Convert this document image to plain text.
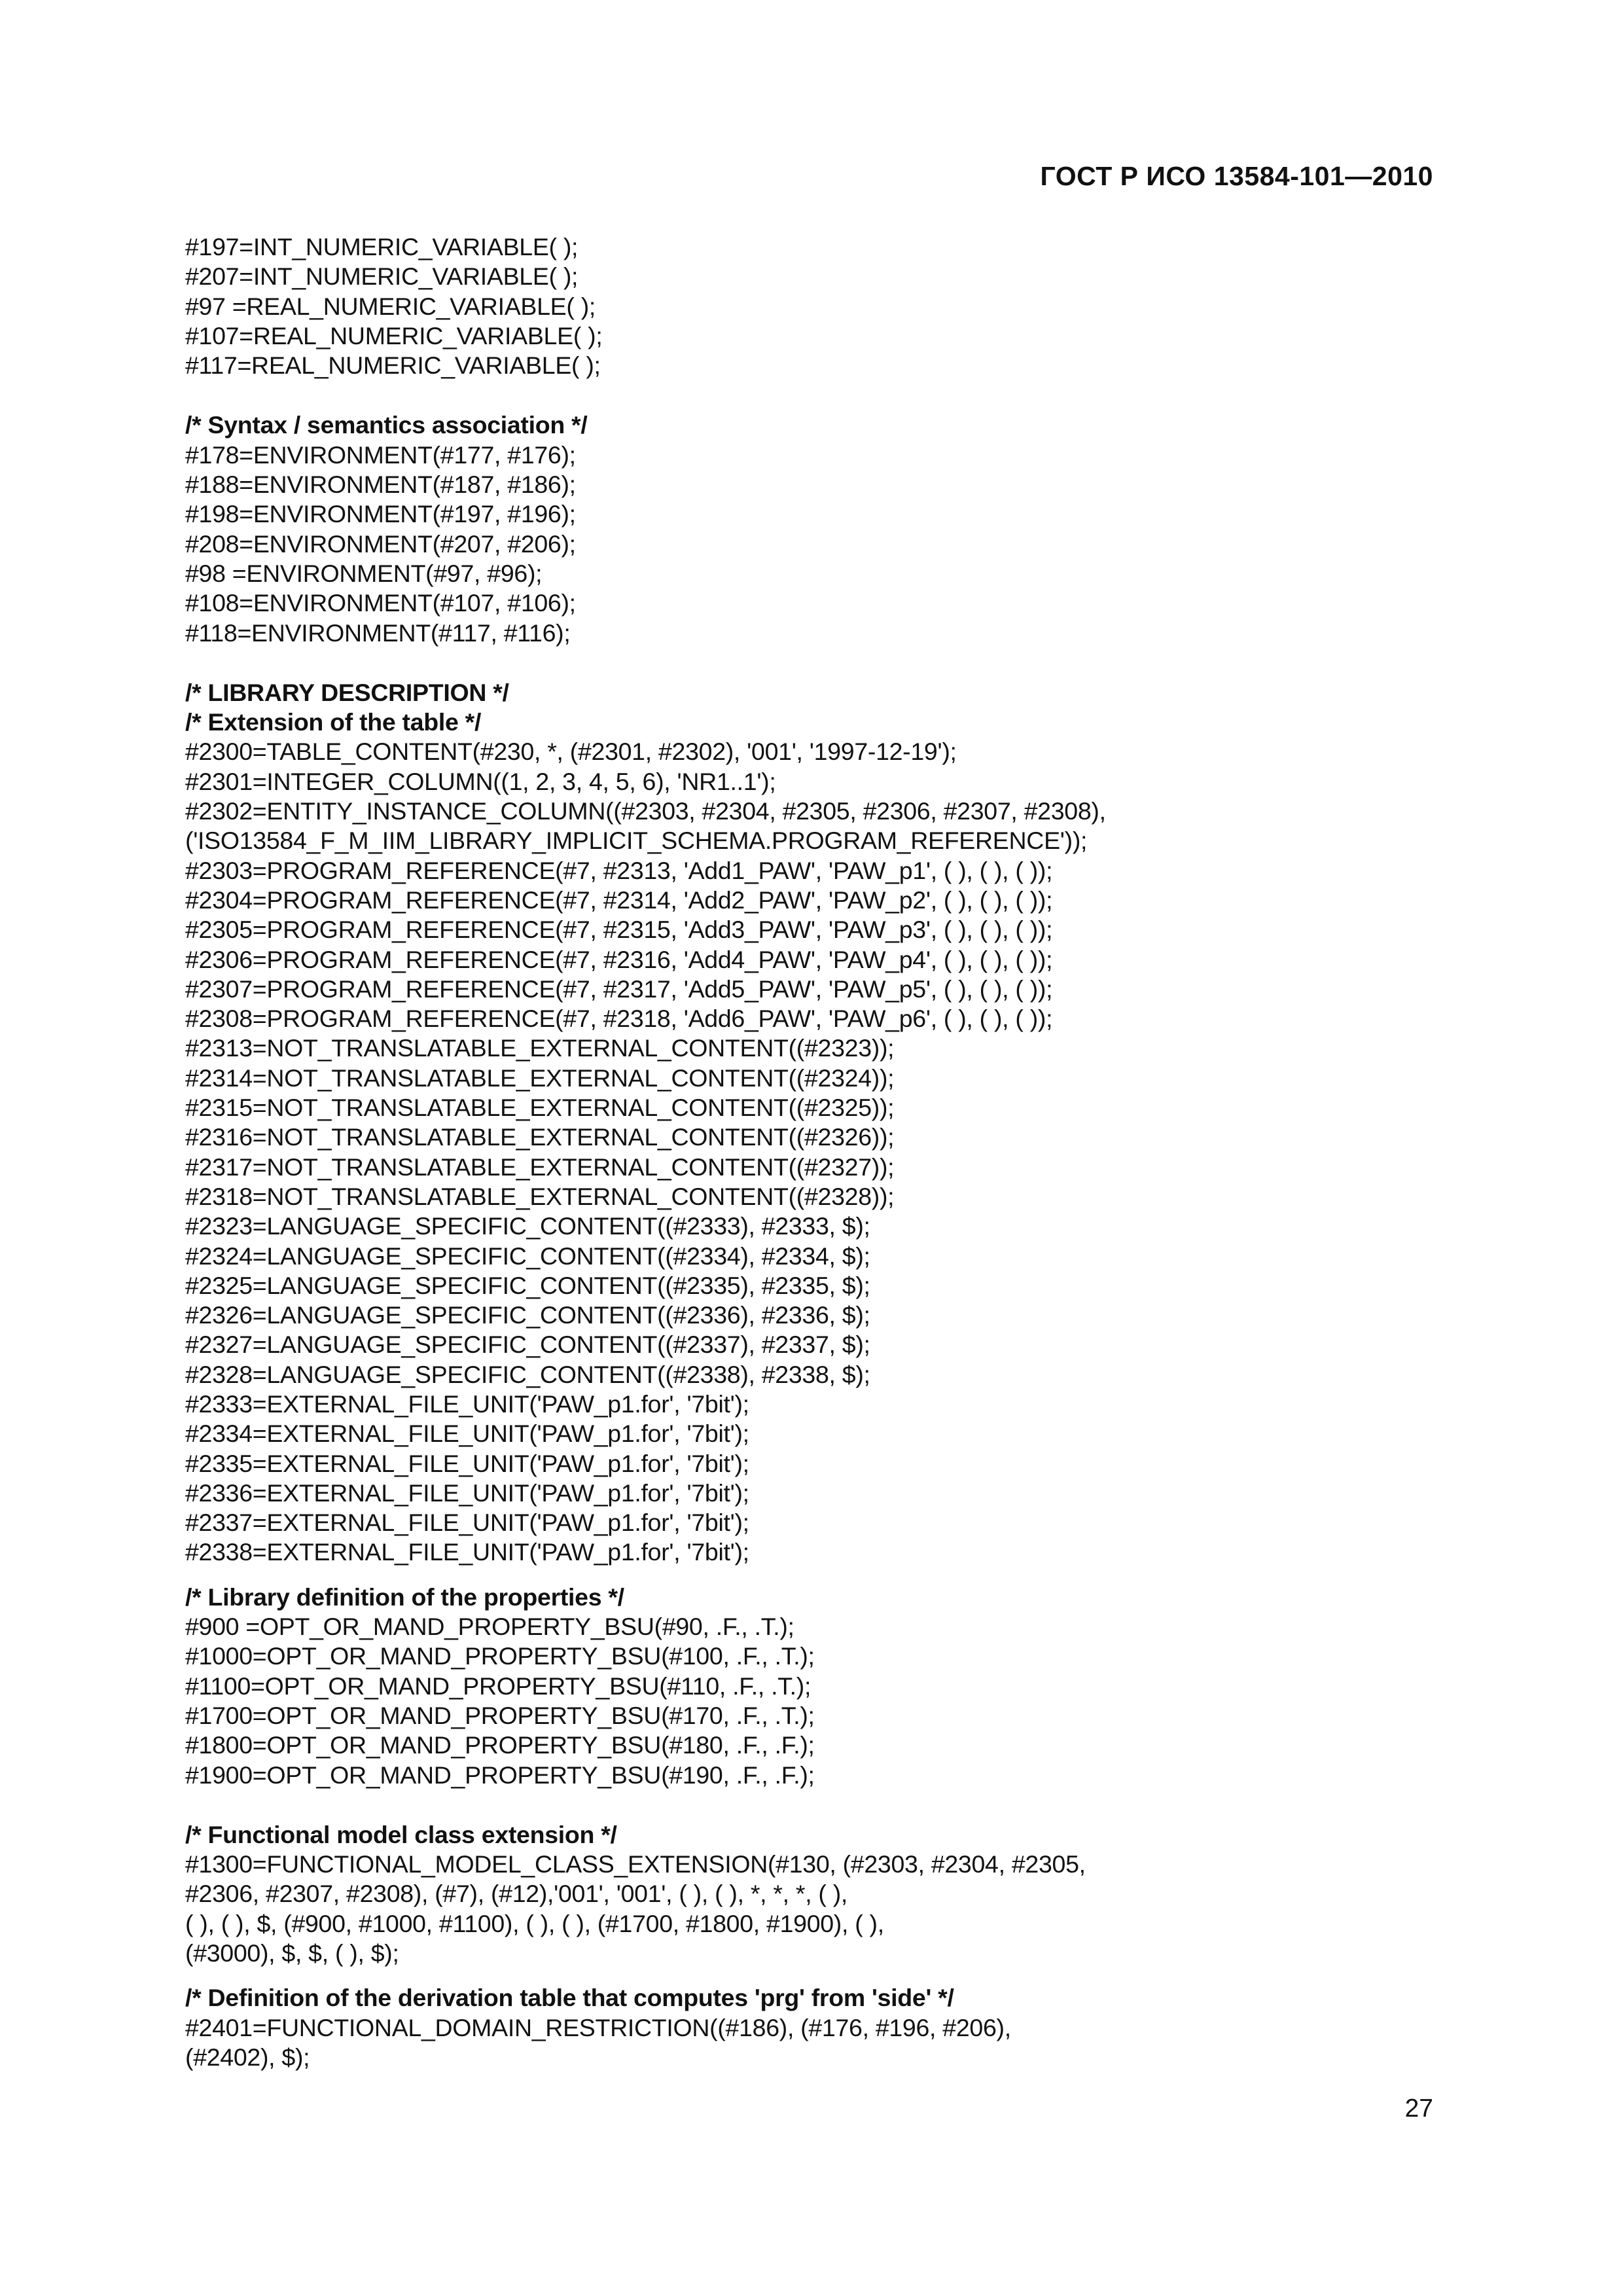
ГОСТ Р ИСО 13584-101—2010
#197=INT_NUMERIC_VARIABLE( );
#207=INT_NUMERIC_VARIABLE( );
#97 =REAL_NUMERIC_VARIABLE( );
#107=REAL_NUMERIC_VARIABLE( );
#117=REAL_NUMERIC_VARIABLE( );
/* Syntax / semantics association */
#178=ENVIRONMENT(#177, #176);
#188=ENVIRONMENT(#187, #186);
#198=ENVIRONMENT(#197, #196);
#208=ENVIRONMENT(#207, #206);
#98 =ENVIRONMENT(#97, #96);
#108=ENVIRONMENT(#107, #106);
#118=ENVIRONMENT(#117, #116);
/* LIBRARY DESCRIPTION */
/* Extension of the table */
#2300=TABLE_CONTENT(#230, *, (#2301, #2302), '001', '1997-12-19');
#2301=INTEGER_COLUMN((1, 2, 3, 4, 5, 6), 'NR1..1');
#2302=ENTITY_INSTANCE_COLUMN((#2303, #2304, #2305, #2306, #2307, #2308),
('ISO13584_F_M_IIM_LIBRARY_IMPLICIT_SCHEMA.PROGRAM_REFERENCE'));
#2303=PROGRAM_REFERENCE(#7, #2313, 'Add1_PAW', 'PAW_p1', ( ), ( ), ( ));
#2304=PROGRAM_REFERENCE(#7, #2314, 'Add2_PAW', 'PAW_p2', ( ), ( ), ( ));
#2305=PROGRAM_REFERENCE(#7, #2315, 'Add3_PAW', 'PAW_p3', ( ), ( ), ( ));
#2306=PROGRAM_REFERENCE(#7, #2316, 'Add4_PAW', 'PAW_p4', ( ), ( ), ( ));
#2307=PROGRAM_REFERENCE(#7, #2317, 'Add5_PAW', 'PAW_p5', ( ), ( ), ( ));
#2308=PROGRAM_REFERENCE(#7, #2318, 'Add6_PAW', 'PAW_p6', ( ), ( ), ( ));
#2313=NOT_TRANSLATABLE_EXTERNAL_CONTENT((#2323));
#2314=NOT_TRANSLATABLE_EXTERNAL_CONTENT((#2324));
#2315=NOT_TRANSLATABLE_EXTERNAL_CONTENT((#2325));
#2316=NOT_TRANSLATABLE_EXTERNAL_CONTENT((#2326));
#2317=NOT_TRANSLATABLE_EXTERNAL_CONTENT((#2327));
#2318=NOT_TRANSLATABLE_EXTERNAL_CONTENT((#2328));
#2323=LANGUAGE_SPECIFIC_CONTENT((#2333), #2333, $);
#2324=LANGUAGE_SPECIFIC_CONTENT((#2334), #2334, $);
#2325=LANGUAGE_SPECIFIC_CONTENT((#2335), #2335, $);
#2326=LANGUAGE_SPECIFIC_CONTENT((#2336), #2336, $);
#2327=LANGUAGE_SPECIFIC_CONTENT((#2337), #2337, $);
#2328=LANGUAGE_SPECIFIC_CONTENT((#2338), #2338, $);
#2333=EXTERNAL_FILE_UNIT('PAW_p1.for', '7bit');
#2334=EXTERNAL_FILE_UNIT('PAW_p1.for', '7bit');
#2335=EXTERNAL_FILE_UNIT('PAW_p1.for', '7bit');
#2336=EXTERNAL_FILE_UNIT('PAW_p1.for', '7bit');
#2337=EXTERNAL_FILE_UNIT('PAW_p1.for', '7bit');
#2338=EXTERNAL_FILE_UNIT('PAW_p1.for', '7bit');
/* Library definition of the properties */
#900 =OPT_OR_MAND_PROPERTY_BSU(#90, .F., .T.);
#1000=OPT_OR_MAND_PROPERTY_BSU(#100, .F., .T.);
#1100=OPT_OR_MAND_PROPERTY_BSU(#110, .F., .T.);
#1700=OPT_OR_MAND_PROPERTY_BSU(#170, .F., .T.);
#1800=OPT_OR_MAND_PROPERTY_BSU(#180, .F., .F.);
#1900=OPT_OR_MAND_PROPERTY_BSU(#190, .F., .F.);
/* Functional model class extension */
#1300=FUNCTIONAL_MODEL_CLASS_EXTENSION(#130, (#2303, #2304, #2305,
#2306, #2307, #2308), (#7), (#12),'001', '001', ( ), ( ), *, *, *, ( ),
( ), ( ), $, (#900, #1000, #1100), ( ), ( ), (#1700, #1800, #1900), ( ),
(#3000), $, $, ( ), $);
/* Definition of the derivation table that computes 'prg' from 'side' */
#2401=FUNCTIONAL_DOMAIN_RESTRICTION((#186), (#176, #196, #206),
(#2402), $);
27
